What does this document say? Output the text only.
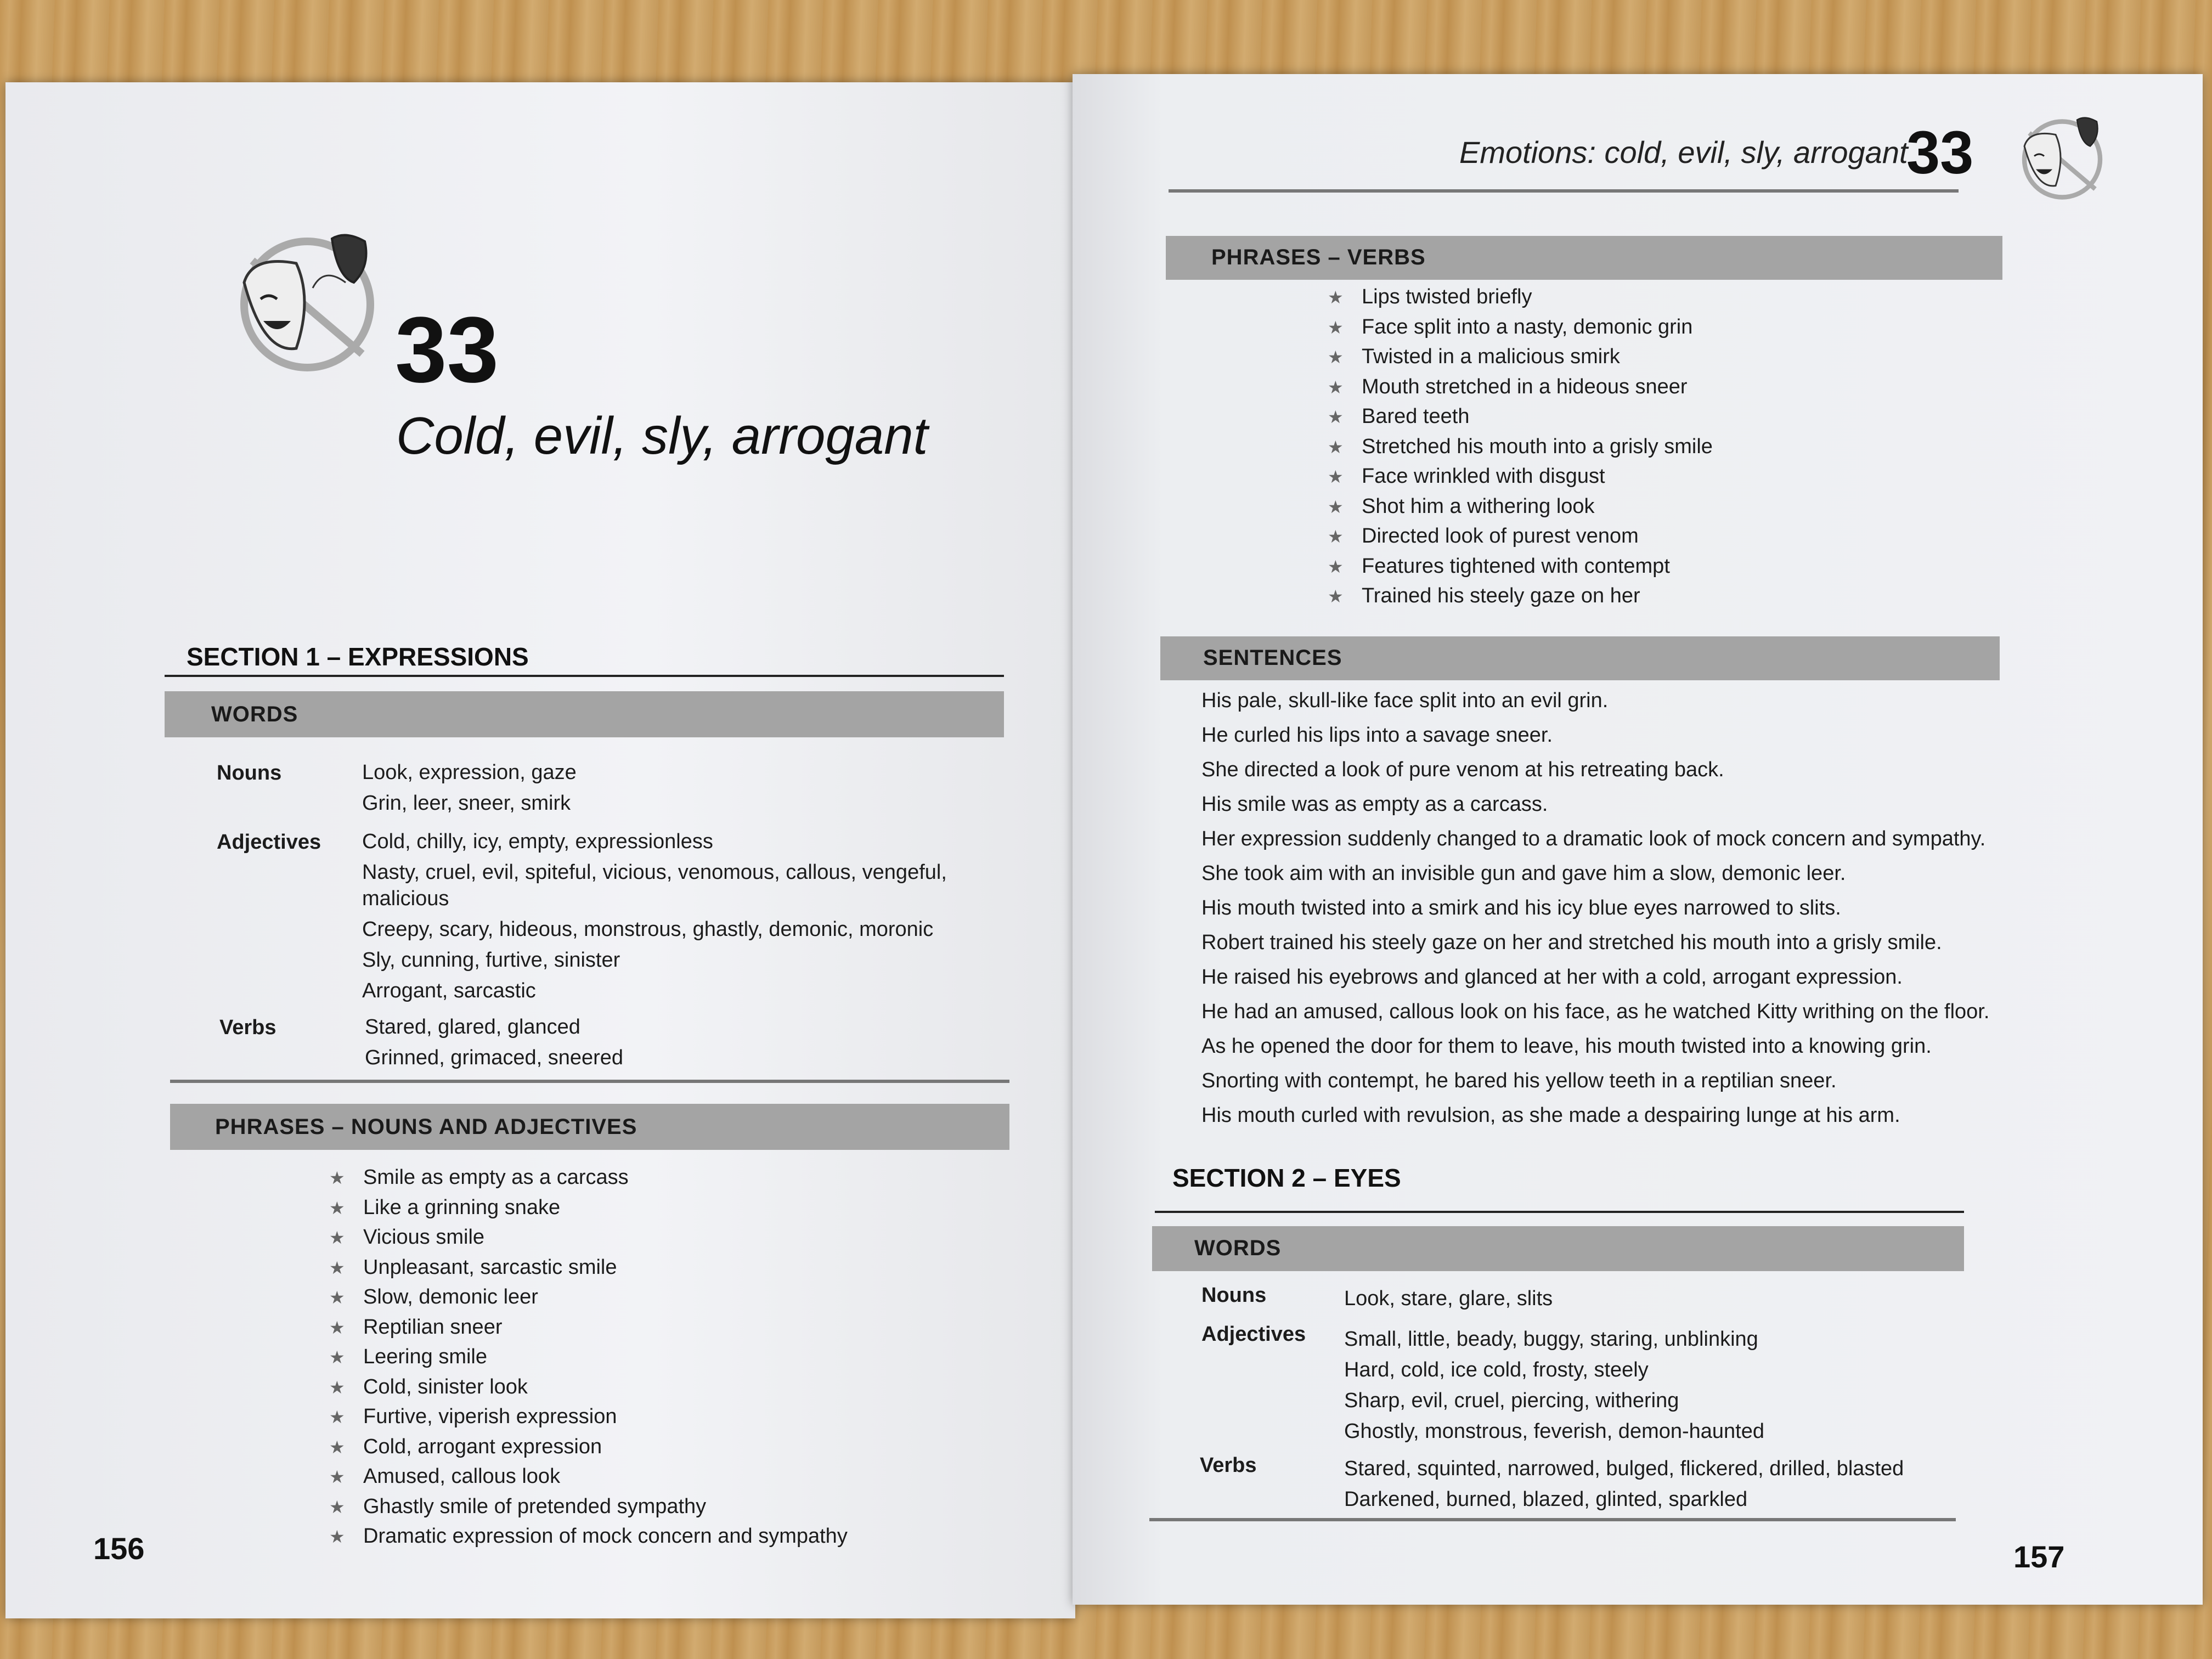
33
Cold, evil, sly, arrogant
SECTION 1 – EXPRESSIONS
WORDS
Nouns	Look, expression, gaze
Grin, leer, sneer, smirk
Adjectives Cold, chilly, icy, empty, expressionless
Nasty, cruel, evil, spiteful, vicious, venomous, callous, vengeful,
malicious
Creepy, scary, hideous, monstrous, ghastly, demonic, moronic
Sly, cunning, furtive, sinister
Arrogant, sarcastic
Verbs	Stared, glared, glanced
Grinned, grimaced, sneered
PHRASES – NOUNS AND ADJECTIVES
★ Smile as empty as a carcass
★ Like a grinning snake
★ Vicious smile
★ Unpleasant, sarcastic smile
★ Slow, demonic leer
★ Reptilian sneer
★ Leering smile
★ Cold, sinister look
★ Furtive, viperish expression
★ Cold, arrogant expression
★ Amused, callous look
★ Ghastly smile of pretended sympathy
★ Dramatic expression of mock concern and sympathy
156
Emotions: cold, evil, sly, arrogant
33
PHRASES – VERBS
★ Lips twisted briefly
★ Face split into a nasty, demonic grin
★ Twisted in a malicious smirk
★ Mouth stretched in a hideous sneer
★ Bared teeth
★ Stretched his mouth into a grisly smile
★ Face wrinkled with disgust
★ Shot him a withering look
★ Directed look of purest venom
★ Features tightened with contempt
★ Trained his steely gaze on her
SENTENCES
His pale, skull-like face split into an evil grin.
He curled his lips into a savage sneer.
She directed a look of pure venom at his retreating back.
His smile was as empty as a carcass.
Her expression suddenly changed to a dramatic look of mock concern and sympathy.
She took aim with an invisible gun and gave him a slow, demonic leer.
His mouth twisted into a smirk and his icy blue eyes narrowed to slits.
Robert trained his steely gaze on her and stretched his mouth into a grisly smile.
He raised his eyebrows and glanced at her with a cold, arrogant expression.
He had an amused, callous look on his face, as he watched Kitty writhing on the floor.
As he opened the door for them to leave, his mouth twisted into a knowing grin.
Snorting with contempt, he bared his yellow teeth in a reptilian sneer.
His mouth curled with revulsion, as she made a despairing lunge at his arm.
SECTION 2 – EYES
WORDS
Nouns	Look, stare, glare, slits
Adjectives Small, little, beady, buggy, staring, unblinking
Hard, cold, ice cold, frosty, steely
Sharp, evil, cruel, piercing, withering
Ghostly, monstrous, feverish, demon-haunted
Verbs	Stared, squinted, narrowed, bulged, flickered, drilled, blasted
Darkened, burned, blazed, glinted, sparkled
157
